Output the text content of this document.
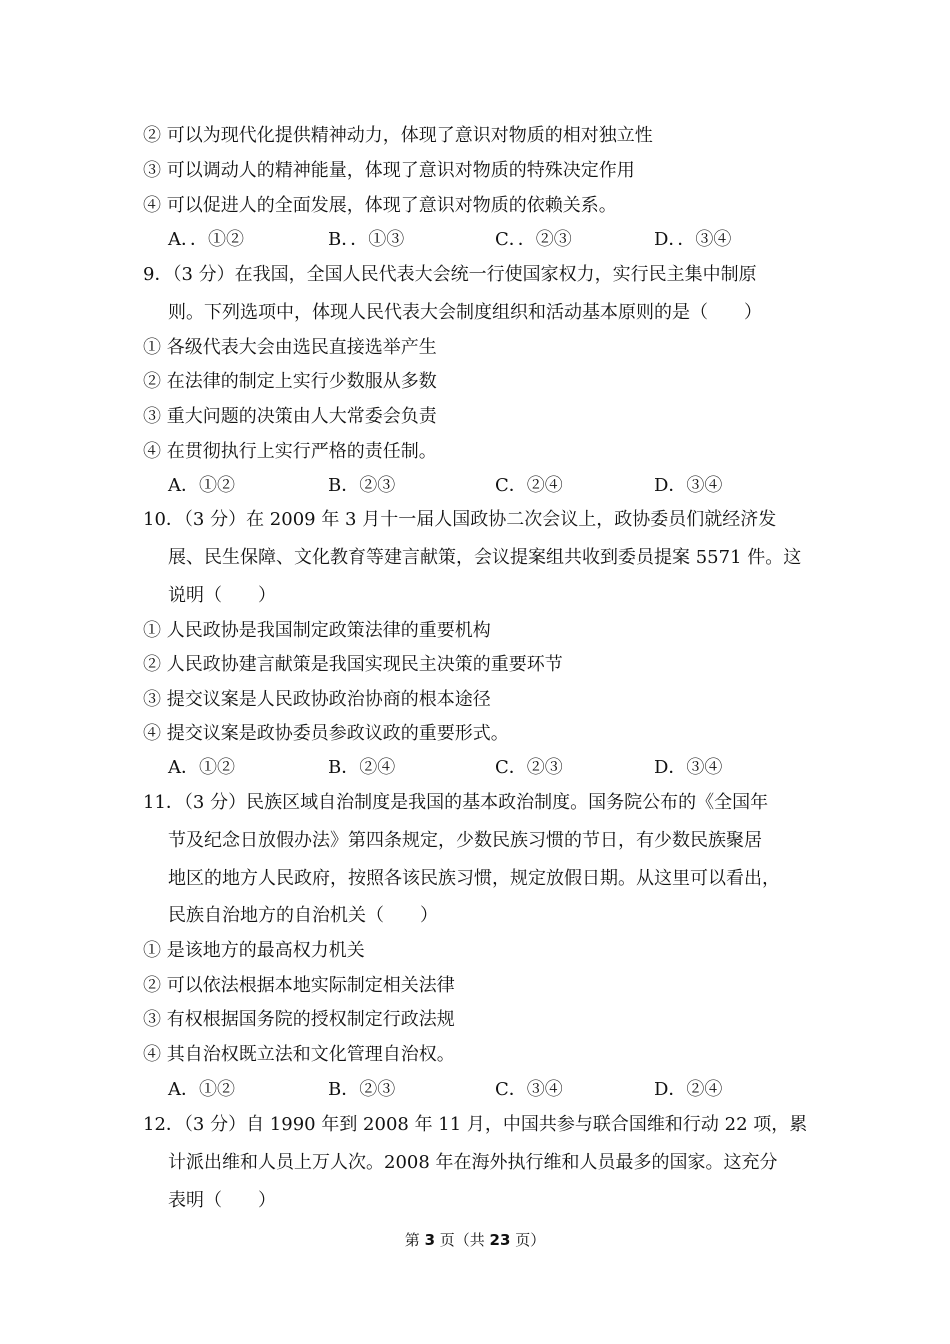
② 可以为现代化提供精神动力，体现了意识对物质的相对独立性
③ 可以调动人的精神能量，体现了意识对物质的特殊决定作用
④ 可以促进人的全面发展，体现了意识对物质的依赖关系。
A．．①②	B．．①③	C．．②③	D．．③④
9．（3 分）在我国，全国人民代表大会统一行使国家权力，实行民主集中制原
则。下列选项中，体现人民代表大会制度组织和活动基本原则的是（　　）
① 各级代表大会由选民直接选举产生
② 在法律的制定上实行少数服从多数
③ 重大问题的决策由人大常委会负责
④ 在贯彻执行上实行严格的责任制。
A．①②	B．②③	C．②④	D．③④
10．（3 分）在 2009 年 3 月十一届人国政协二次会议上，政协委员们就经济发
展、民生保障、文化教育等建言献策，会议提案组共收到委员提案 5571 件。这
说明（　　）
① 人民政协是我国制定政策法律的重要机构
② 人民政协建言献策是我国实现民主决策的重要环节
③ 提交议案是人民政协政治协商的根本途径
④ 提交议案是政协委员参政议政的重要形式。
A．①②	B．②④	C．②③	D．③④
11．（3 分）民族区域自治制度是我国的基本政治制度。国务院公布的《全国年
节及纪念日放假办法》第四条规定，少数民族习惯的节日，有少数民族聚居
地区的地方人民政府，按照各该民族习惯，规定放假日期。从这里可以看出，
民族自治地方的自治机关（　　）
① 是该地方的最高权力机关
② 可以依法根据本地实际制定相关法律
③ 有权根据国务院的授权制定行政法规
④ 其自治权既立法和文化管理自治权。
A．①②	B．②③	C．③④	D．②④
12．（3 分）自 1990 年到 2008 年 11 月，中国共参与联合国维和行动 22 项，累
计派出维和人员上万人次。2008 年在海外执行维和人员最多的国家。这充分
表明（　　）
第 3 页（共 23 页）
